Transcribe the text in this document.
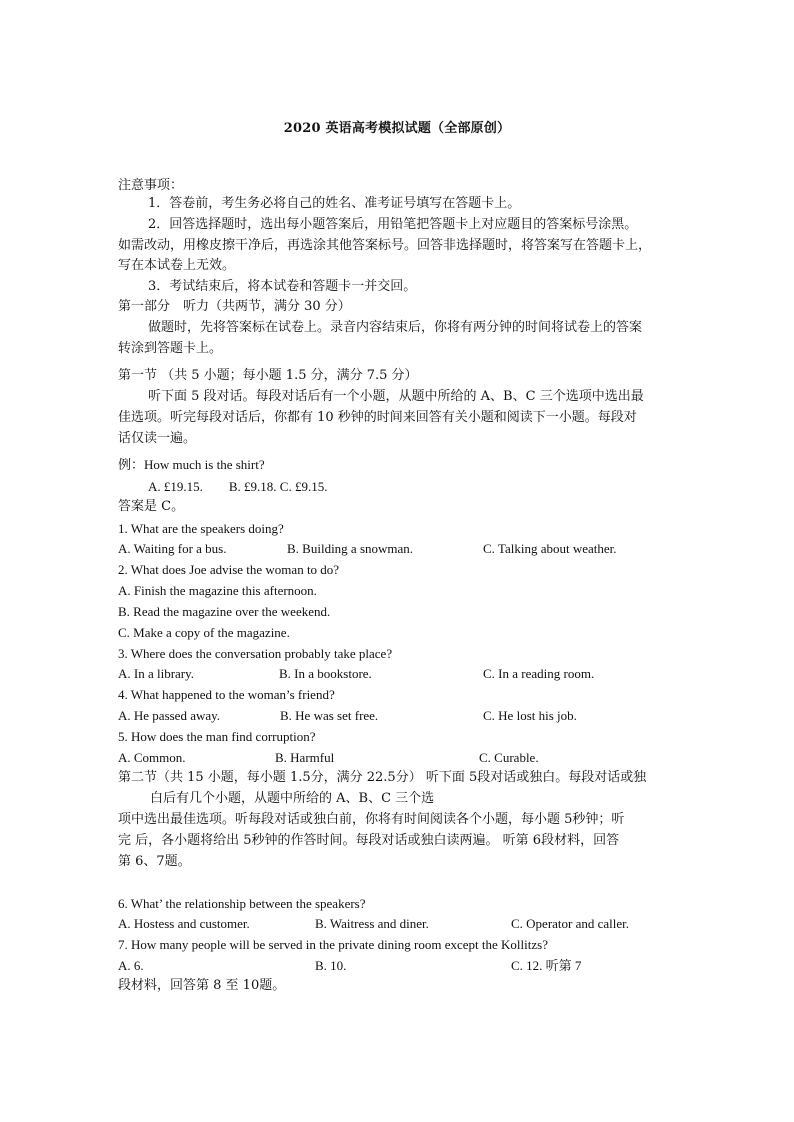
2020 英语高考模拟试题（全部原创）
注意事项：
1．答卷前，考生务必将自己的姓名、准考证号填写在答题卡上。
2．回答选择题时，选出每小题答案后，用铅笔把答题卡上对应题目的答案标号涂黑。
如需改动，用橡皮擦干净后，再选涂其他答案标号。回答非选择题时，将答案写在答题卡上，
写在本试卷上无效。
3．考试结束后，将本试卷和答题卡一并交回。
第一部分　听力（共两节，满分 30 分）
做题时，先将答案标在试卷上。录音内容结束后，你将有两分钟的时间将试卷上的答案
转涂到答题卡上。
第一节 （共 5 小题；每小题 1.5 分，满分 7.5 分）
听下面 5 段对话。每段对话后有一个小题，从题中所给的 A、B、C 三个选项中选出最
佳选项。听完每段对话后，你都有 10 秒钟的时间来回答有关小题和阅读下一小题。每段对
话仅读一遍。
例：How much is the shirt?
A. £19.15.　　B. £9.18. C. £9.15.
答案是 C。
1. What are the speakers doing?
A. Waiting for a bus.	B. Building a snowman.	C. Talking about weather.
2. What does Joe advise the woman to do?
A. Finish the magazine this afternoon.
B. Read the magazine over the weekend.
C. Make a copy of the magazine.
3. Where does the conversation probably take place?
A. In a library.	B. In a bookstore.	C. In a reading room.
4. What happened to the woman’s friend?
A. He passed away.	B. He was set free.	C. He lost his job.
5. How does the man find corruption?
A. Common.	B. Harmful	C. Curable.
第二节（共 15 小题，每小题 1.5分，满分 22.5分） 听下面 5段对话或独白。每段对话或独
白后有几个小题，从题中所给的 A、B、C 三个选
项中选出最佳选项。听每段对话或独白前，你将有时间阅读各个小题，每小题 5秒钟；听
完 后，各小题将给出 5秒钟的作答时间。每段对话或独白读两遍。 听第 6段材料，回答
第 6、7题。
6. What’ the relationship between the speakers?
A. Hostess and customer.	B. Waitress and diner.	C. Operator and caller.
7. How many people will be served in the private dining room except the Kollitzs?
A. 6.	B. 10.	C. 12. 听第 7
段材料，回答第 8 至 10题。
